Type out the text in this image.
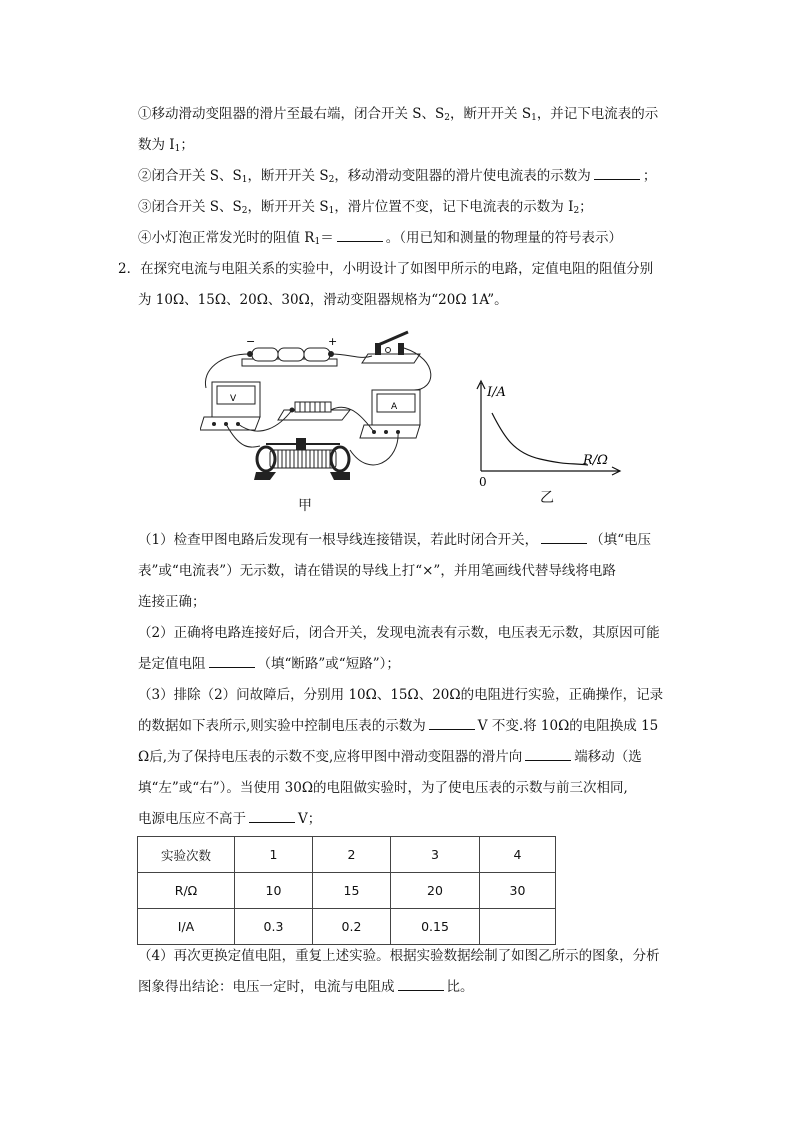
①移动滑动变阻器的滑片至最右端，闭合开关 S、$S_2$，断开开关 $S_1$，并记下电流表的示
数为 $I_1$；
②闭合开关 S、$S_1$，断开开关 $S_2$，移动滑动变阻器的滑片使电流表的示数为	；
③闭合开关 S、$S_2$，断开开关 $S_1$，滑片位置不变，记下电流表的示数为 $I_2$；
④小灯泡正常发光时的阻值 $R_1=$	。（用已知和测量的物理量的符号表示）
2．在探究电流与电阻关系的实验中，小明设计了如图甲所示的电路，定值电阻的阻值分别
为 10Ω、15Ω、20Ω、30Ω，滑动变阻器规格为“20Ω 1A”。
−	+
V
A
甲
I/A
R/Ω
0
乙
（1）检查甲图电路后发现有一根导线连接错误，若此时闭合开关，	（填“电压
表”或“电流表”）无示数，请在错误的导线上打“×”，并用笔画线代替导线将电路
连接正确；
（2）正确将电路连接好后，闭合开关，发现电流表有示数，电压表无示数，其原因可能
是定值电阻	（填“断路”或“短路”）；
（3）排除（2）问故障后，分别用 10Ω、15Ω、20Ω的电阻进行实验，正确操作，记录
的数据如下表所示,则实验中控制电压表的示数为	V 不变.将 10Ω的电阻换成 15
Ω后,为了保持电压表的示数不变,应将甲图中滑动变阻器的滑片向	端移动（选
填“左”或“右”）。当使用 30Ω的电阻做实验时，为了使电压表的示数与前三次相同,
电源电压应不高于	V；
实验次数	1	2	3	4
R/Ω	10	15	20	30
I/A	0.3	0.2	0.15	
（4）再次更换定值电阻，重复上述实验。根据实验数据绘制了如图乙所示的图象，分析
图象得出结论：电压一定时，电流与电阻成	比。
